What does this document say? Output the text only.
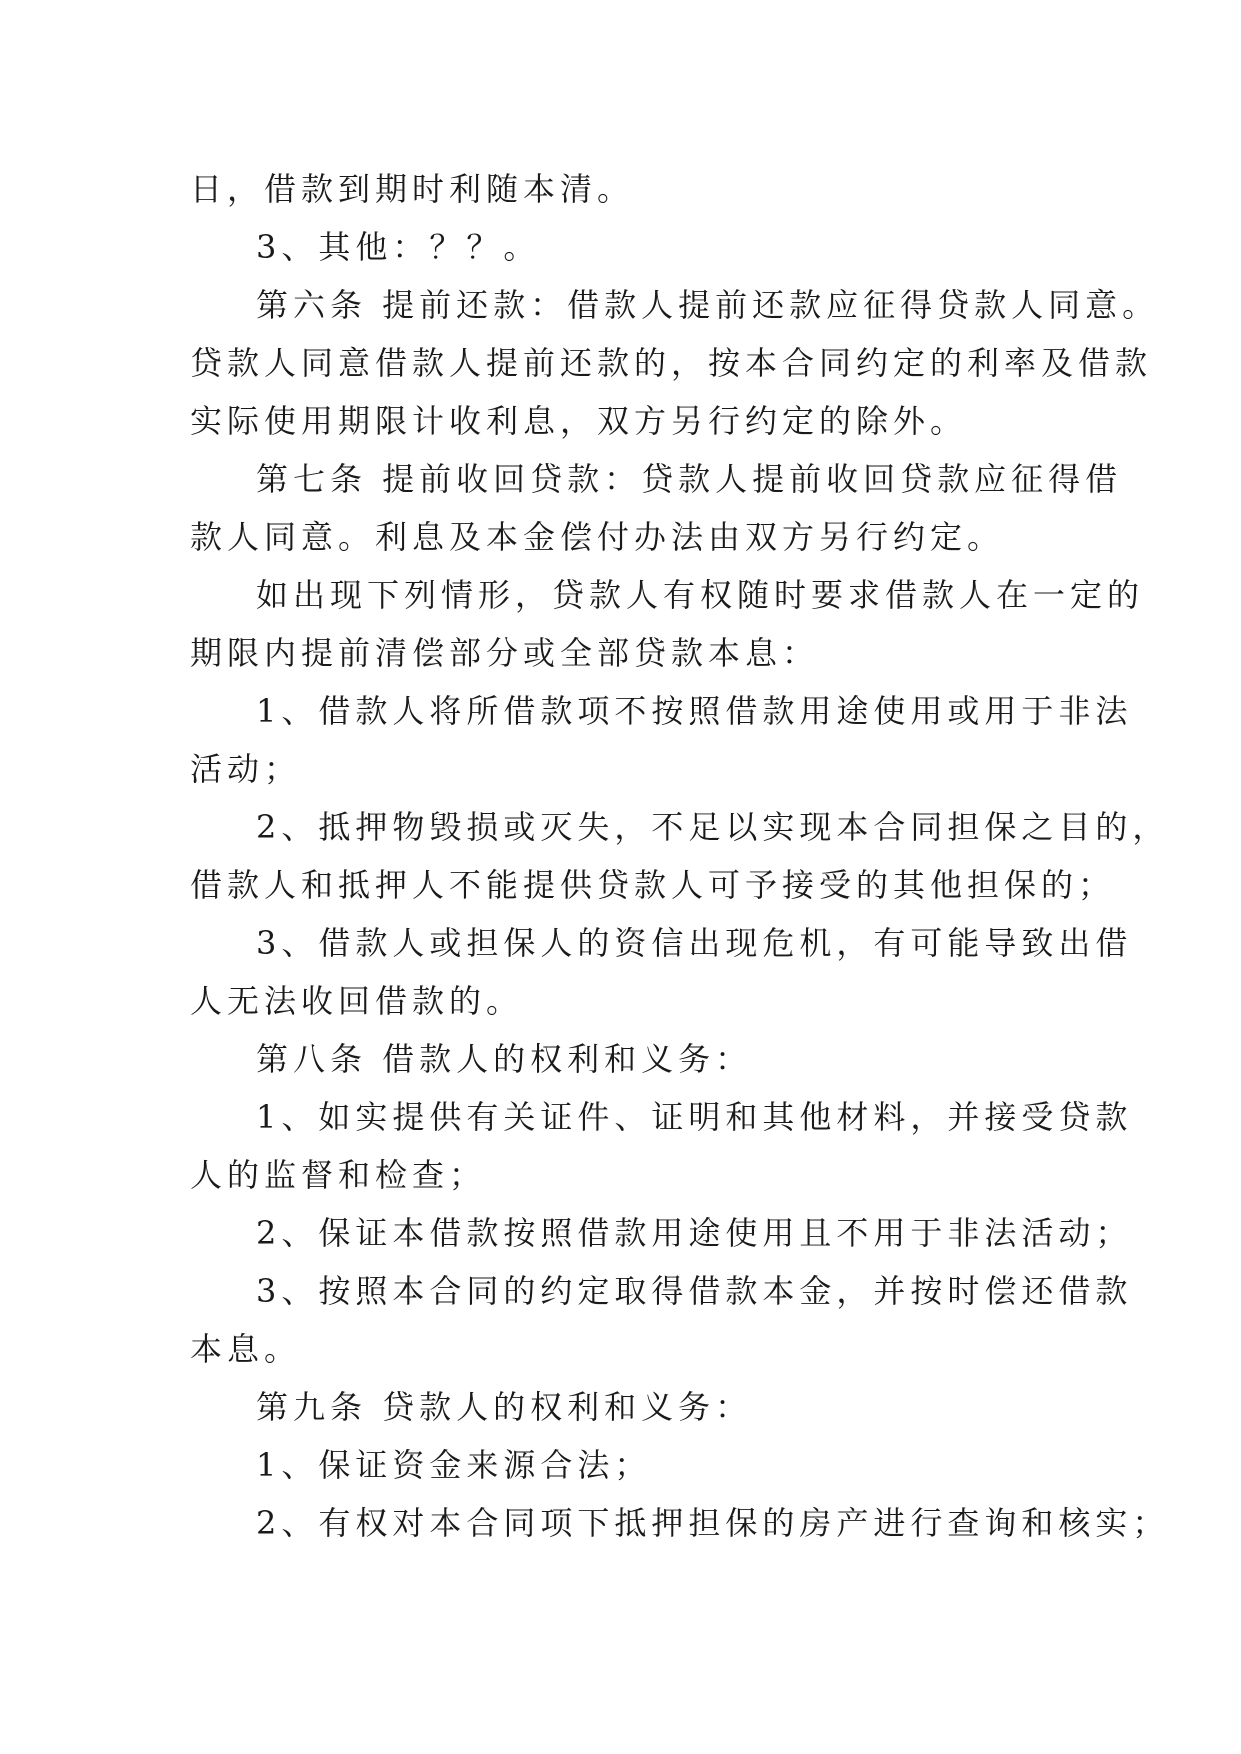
日，借款到期时利随本清。
3、其他：？？。
第六条 提前还款：借款人提前还款应征得贷款人同意。
贷款人同意借款人提前还款的，按本合同约定的利率及借款
实际使用期限计收利息，双方另行约定的除外。
第七条 提前收回贷款：贷款人提前收回贷款应征得借
款人同意。利息及本金偿付办法由双方另行约定。
如出现下列情形，贷款人有权随时要求借款人在一定的
期限内提前清偿部分或全部贷款本息：
1、借款人将所借款项不按照借款用途使用或用于非法
活动；
2、抵押物毁损或灭失，不足以实现本合同担保之目的，
借款人和抵押人不能提供贷款人可予接受的其他担保的；
3、借款人或担保人的资信出现危机，有可能导致出借
人无法收回借款的。
第八条 借款人的权利和义务：
1、如实提供有关证件、证明和其他材料，并接受贷款
人的监督和检查；
2、保证本借款按照借款用途使用且不用于非法活动；
3、按照本合同的约定取得借款本金，并按时偿还借款
本息。
第九条 贷款人的权利和义务：
1、保证资金来源合法；
2、有权对本合同项下抵押担保的房产进行查询和核实；
